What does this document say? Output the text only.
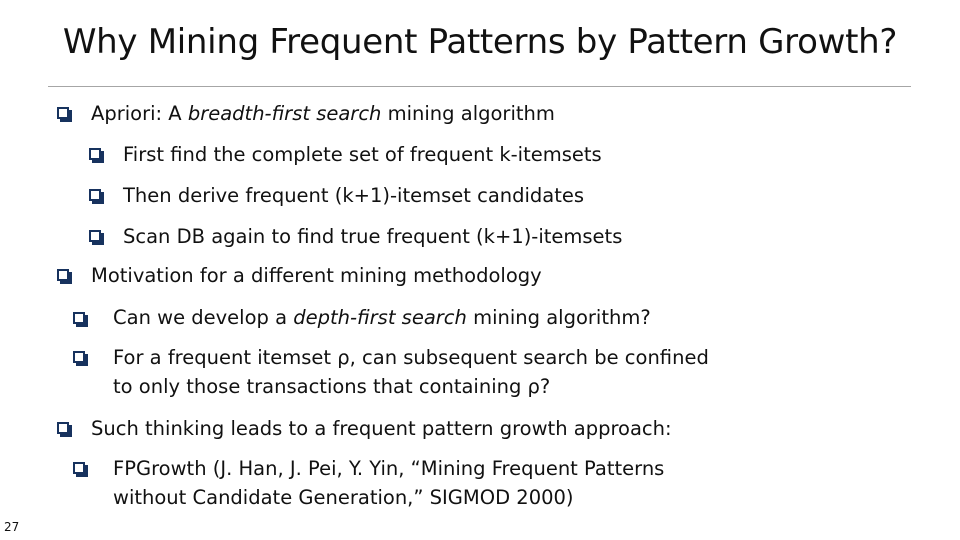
Why Mining Frequent Patterns by Pattern Growth?
Apriori: A breadth-first search mining algorithm
First find the complete set of frequent k-itemsets
Then derive frequent (k+1)-itemset candidates
Scan DB again to find true frequent (k+1)-itemsets
Motivation for a different mining methodology
Can we develop a depth-first search mining algorithm?
For a frequent itemset ρ, can subsequent search be confined
to only those transactions that containing ρ?
Such thinking leads to a frequent pattern growth approach:
FPGrowth (J. Han, J. Pei, Y. Yin, “Mining Frequent Patterns
without Candidate Generation,” SIGMOD 2000)
27
